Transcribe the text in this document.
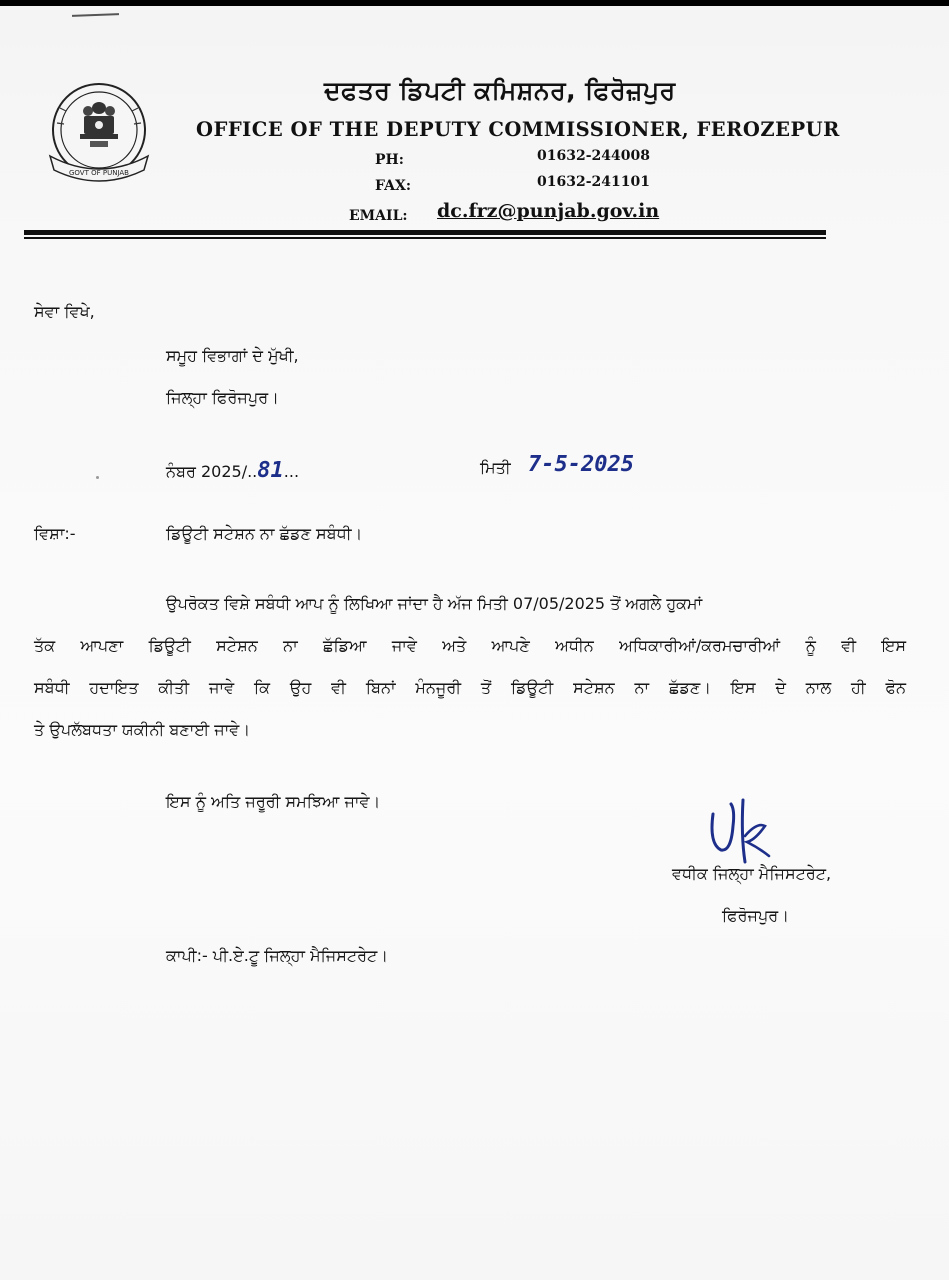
GOVT OF PUNJAB
ਦਫਤਰ ਡਿਪਟੀ ਕਮਿਸ਼ਨਰ, ਫਿਰੋਜ਼ਪੁਰ
OFFICE OF THE DEPUTY COMMISSIONER, FEROZEPUR
PH:	01632-244008
FAX:	01632-241101
EMAIL: dc.frz@punjab.gov.in
ਸੇਵਾ ਵਿਖੇ,
ਸਮੂਹ ਵਿਭਾਗਾਂ ਦੇ ਮੁੱਖੀ,
ਜਿਲ੍ਹਾ ਫਿਰੋਜਪੁਰ।
ਨੰਬਰ 2025/..81...	ਮਿਤੀ 7-5-2025
ਵਿਸ਼ਾ:-	ਡਿਊਟੀ ਸਟੇਸ਼ਨ ਨਾ ਛੱਡਣ ਸਬੰਧੀ।
ਉਪਰੋਕਤ ਵਿਸ਼ੇ ਸਬੰਧੀ ਆਪ ਨੂੰ ਲਿਖਿਆ ਜਾਂਦਾ ਹੈ ਅੱਜ ਮਿਤੀ 07/05/2025 ਤੋਂ ਅਗਲੇ ਹੁਕਮਾਂ
ਤੱਕ ਆਪਣਾ ਡਿਊਟੀ ਸਟੇਸ਼ਨ ਨਾ ਛੱਡਿਆ ਜਾਵੇ ਅਤੇ ਆਪਣੇ ਅਧੀਨ ਅਧਿਕਾਰੀਆਂ/ਕਰਮਚਾਰੀਆਂ ਨੂੰ ਵੀ ਇਸ
ਸਬੰਧੀ ਹਦਾਇਤ ਕੀਤੀ ਜਾਵੇ ਕਿ ਉਹ ਵੀ ਬਿਨਾਂ ਮੰਨਜੂਰੀ ਤੋਂ ਡਿਊਟੀ ਸਟੇਸ਼ਨ ਨਾ ਛੱਡਣ। ਇਸ ਦੇ ਨਾਲ ਹੀ ਫੋਨ
ਤੇ ਉਪਲੱਬਧਤਾ ਯਕੀਨੀ ਬਣਾਈ ਜਾਵੇ।
ਇਸ ਨੂੰ ਅਤਿ ਜਰੂਰੀ ਸਮਝਿਆ ਜਾਵੇ।
ਵਧੀਕ ਜਿਲ੍ਹਾ ਮੈਜਿਸਟਰੇਟ,
ਫਿਰੋਜਪੁਰ।
ਕਾਪੀ:- ਪੀ.ਏ.ਟੂ ਜਿਲ੍ਹਾ ਮੈਜਿਸਟਰੇਟ।
